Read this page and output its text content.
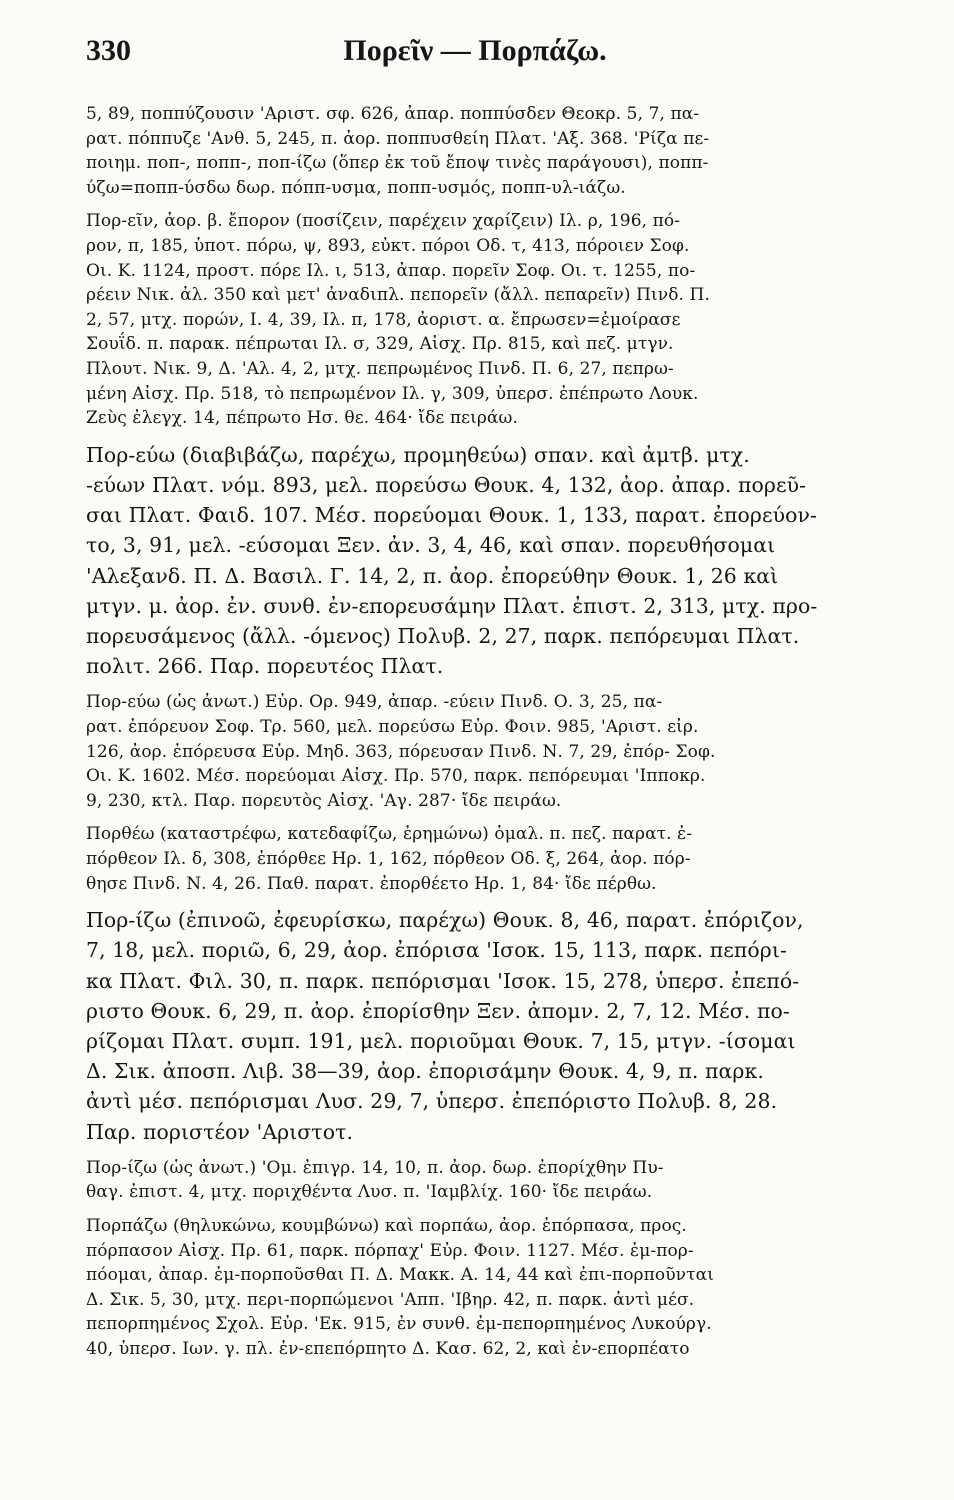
330	Πορεῖν — Πορπάζω.
5, 89, ποππύζουσιν 'Αριστ. σφ. 626, ἀπαρ. ποππύσδεν Θεοκρ. 5, 7, πα-
ρατ. πόππυζε 'Ανθ. 5, 245, π. ἀορ. ποππυσθείη Πλατ. 'Αξ. 368. 'Ρίζα πε-
ποιημ. ποπ-, ποππ-, ποπ-ίζω (ὅπερ ἐκ τοῦ ἔποψ τινὲς παράγουσι), ποππ-
ύζω=ποππ-ύσδω δωρ. πόππ-υσμα, ποππ-υσμός, ποππ-υλ-ιάζω.
Πορ-εῖν, ἀορ. β. ἔπορον (ποσίζειν, παρέχειν χαρίζειν) Ιλ. ρ, 196, πό-
ρον, π, 185, ὑποτ. πόρω, ψ, 893, εὐκτ. πόροι Οδ. τ, 413, πόροιεν Σοφ.
Οι. Κ. 1124, προστ. πόρε Ιλ. ι, 513, ἀπαρ. πορεῖν Σοφ. Οι. τ. 1255, πο-
ρέειν Νικ. ἀλ. 350 καὶ μετ' ἀναδιπλ. πεπορεῖν (ἄλλ. πεπαρεῖν) Πινδ. Π.
2, 57, μτχ. πορών, Ι. 4, 39, Ιλ. π, 178, ἀοριστ. α. ἔπρωσεν=ἐμοίρασε
Σουΐδ. π. παρακ. πέπρωται Ιλ. σ, 329, Αἰσχ. Πρ. 815, καὶ πεζ. μτγν.
Πλουτ. Νικ. 9, Δ. 'Αλ. 4, 2, μτχ. πεπρωμένος Πινδ. Π. 6, 27, πεπρω-
μένη Αἰσχ. Πρ. 518, τὸ πεπρωμένον Ιλ. γ, 309, ὑπερσ. ἐπέπρωτο Λουκ.
Ζεὺς ἐλεγχ. 14, πέπρωτο Ησ. θε. 464· ἴδε πειράω.
Πορ-εύω (διαβιβάζω, παρέχω, προμηθεύω) σπαν. καὶ ἀμτβ. μτχ.
-εύων Πλατ. νόμ. 893, μελ. πορεύσω Θουκ. 4, 132, ἀορ. ἀπαρ. πορεῦ-
σαι Πλατ. Φαιδ. 107. Μέσ. πορεύομαι Θουκ. 1, 133, παρατ. ἐπορεύον-
το, 3, 91, μελ. -εύσομαι Ξεν. ἀν. 3, 4, 46, καὶ σπαν. πορευθήσομαι
'Αλεξανδ. Π. Δ. Βασιλ. Γ. 14, 2, π. ἀορ. ἐπορεύθην Θουκ. 1, 26 καὶ
μτγν. μ. ἀορ. ἐν. συνθ. ἐν-επορευσάμην Πλατ. ἐπιστ. 2, 313, μτχ. προ-
πορευσάμενος (ἄλλ. -όμενος) Πολυβ. 2, 27, παρκ. πεπόρευμαι Πλατ.
πολιτ. 266. Παρ. πορευτέος Πλατ.
Πορ-εύω (ὡς ἀνωτ.) Εὐρ. Ορ. 949, ἀπαρ. -εύειν Πινδ. Ο. 3, 25, πα-
ρατ. ἐπόρευον Σοφ. Τρ. 560, μελ. πορεύσω Εὐρ. Φοιν. 985, 'Αριστ. εἰρ.
126, ἀορ. ἐπόρευσα Εὐρ. Μηδ. 363, πόρευσαν Πινδ. Ν. 7, 29, ἐπόρ- Σοφ.
Οι. Κ. 1602. Μέσ. πορεύομαι Αἰσχ. Πρ. 570, παρκ. πεπόρευμαι 'Ιπποκρ.
9, 230, κτλ. Παρ. πορευτὸς Αἰσχ. 'Αγ. 287· ἴδε πειράω.
Πορθέω (καταστρέφω, κατεδαφίζω, ἐρημώνω) ὁμαλ. π. πεζ. παρατ. ἐ-
πόρθεον Ιλ. δ, 308, ἐπόρθεε Ηρ. 1, 162, πόρθεον Οδ. ξ, 264, ἀορ. πόρ-
θησε Πινδ. Ν. 4, 26. Παθ. παρατ. ἐπορθέετο Ηρ. 1, 84· ἴδε πέρθω.
Πορ-ίζω (ἐπινοῶ, ἐφευρίσκω, παρέχω) Θουκ. 8, 46, παρατ. ἐπόριζον,
7, 18, μελ. ποριῶ, 6, 29, ἀορ. ἐπόρισα 'Ισοκ. 15, 113, παρκ. πεπόρι-
κα Πλατ. Φιλ. 30, π. παρκ. πεπόρισμαι 'Ισοκ. 15, 278, ὑπερσ. ἐπεπό-
ριστο Θουκ. 6, 29, π. ἀορ. ἐπορίσθην Ξεν. ἀπομν. 2, 7, 12. Μέσ. πο-
ρίζομαι Πλατ. συμπ. 191, μελ. ποριοῦμαι Θουκ. 7, 15, μτγν. -ίσομαι
Δ. Σικ. ἀποσπ. Λιβ. 38—39, ἀορ. ἐπορισάμην Θουκ. 4, 9, π. παρκ.
ἀντὶ μέσ. πεπόρισμαι Λυσ. 29, 7, ὑπερσ. ἐπεπόριστο Πολυβ. 8, 28.
Παρ. ποριστέον 'Αριστοτ.
Πορ-ίζω (ὡς ἀνωτ.) 'Ομ. ἐπιγρ. 14, 10, π. ἀορ. δωρ. ἐπορίχθην Πυ-
θαγ. ἐπιστ. 4, μτχ. ποριχθέντα Λυσ. π. 'Ιαμβλίχ. 160· ἴδε πειράω.
Πορπάζω (θηλυκώνω, κουμβώνω) καὶ πορπάω, ἀορ. ἐπόρπασα, προς.
πόρπασον Αἰσχ. Πρ. 61, παρκ. πόρπαχ' Εὐρ. Φοιν. 1127. Μέσ. ἐμ-πορ-
πόομαι, ἀπαρ. ἐμ-πορποῦσθαι Π. Δ. Μακκ. Α. 14, 44 καὶ ἐπι-πορποῦνται
Δ. Σικ. 5, 30, μτχ. περι-πορπώμενοι 'Αππ. 'Ιβηρ. 42, π. παρκ. ἀντὶ μέσ.
πεπορπημένος Σχολ. Εὐρ. 'Εκ. 915, ἐν συνθ. ἐμ-πεπορπημένος Λυκούργ.
40, ὑπερσ. Ιων. γ. πλ. ἐν-επεπόρπητο Δ. Κασ. 62, 2, καὶ ἐν-επορπέατο
